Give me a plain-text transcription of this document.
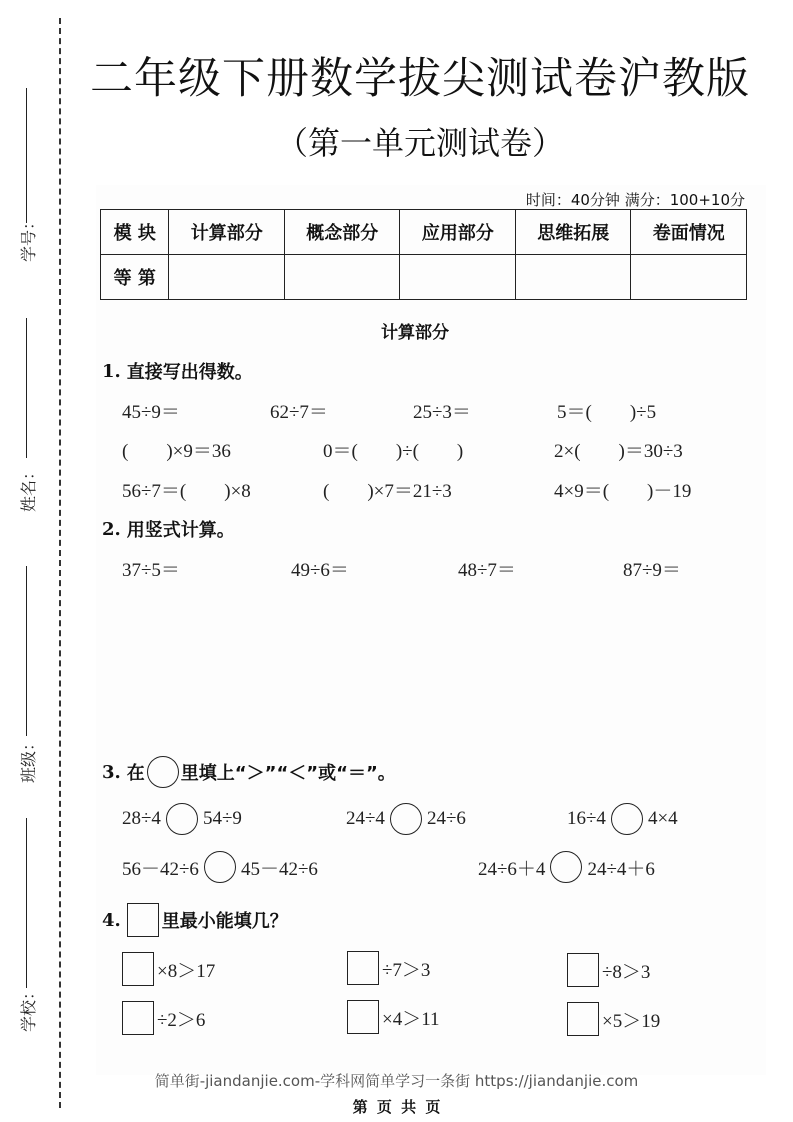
学号：
姓名：
班级：
学校：
二年级下册数学拔尖测试卷沪教版
（第一单元测试卷）
时间：40分钟 满分：100+10分
模 块	计算部分	概念部分	应用部分	思维拓展	卷面情况
等 第					
计算部分
1. 直接写出得数。
45÷9＝	62÷7＝	25÷3＝	5＝(　　)÷5
(　　)×9＝36	0＝(　　)÷(　　)	2×(　　)＝30÷3
56÷7＝(　　)×8	(　　)×7＝21÷3	4×9＝(　　)－19
2. 用竖式计算。
37÷5＝	49÷6＝	48÷7＝	87÷9＝
3. 在 里填上“＞”“＜”或“＝”。
28÷4 54÷9	24÷4 24÷6	16÷4 4×4
56－42÷6 45－42÷6	24÷6＋4 24÷4＋6
4. 里最小能填几？
×8＞17	÷7＞3	÷8＞3
÷2＞6	×4＞11	×5＞19
简单街-jiandanjie.com-学科网简单学习一条街 https://jiandanjie.com
第 页 共 页
